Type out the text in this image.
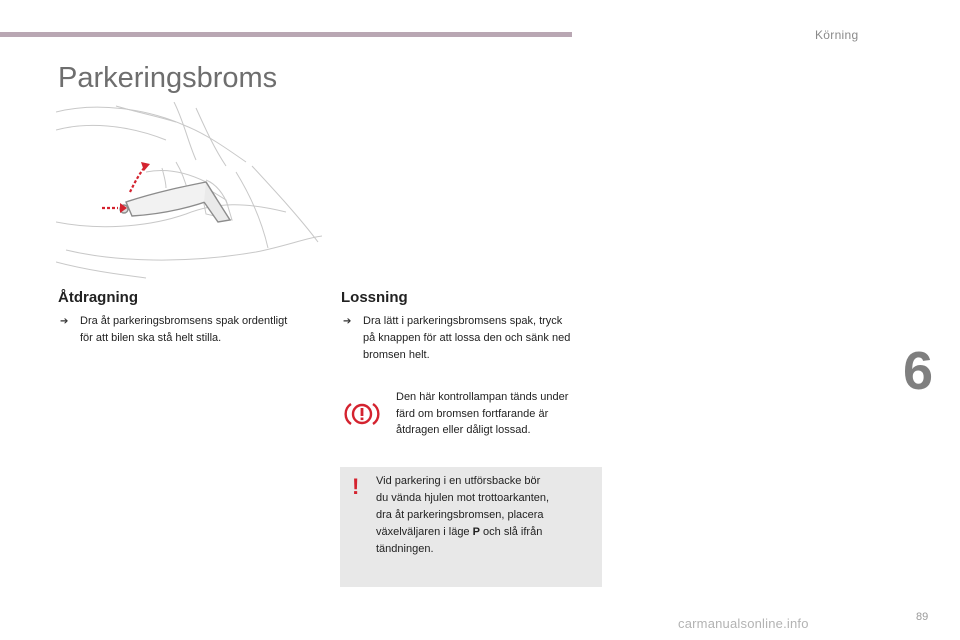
Körning
Parkeringsbroms
Åtdragning
➔ Dra åt parkeringsbromsens spak ordentligt
för att bilen ska stå helt stilla.
Lossning
➔ Dra lätt i parkeringsbromsens spak, tryck
på knappen för att lossa den och sänk ned
bromsen helt.
Den här kontrollampan tänds under
färd om bromsen fortfarande är
åtdragen eller dåligt lossad.
! Vid parkering i en utförsbacke bör
du vända hjulen mot trottoarkanten,
dra åt parkeringsbromsen, placera
växelväljaren i läge P och slå ifrån
tändningen.
6
89
carmanualsonline.info
